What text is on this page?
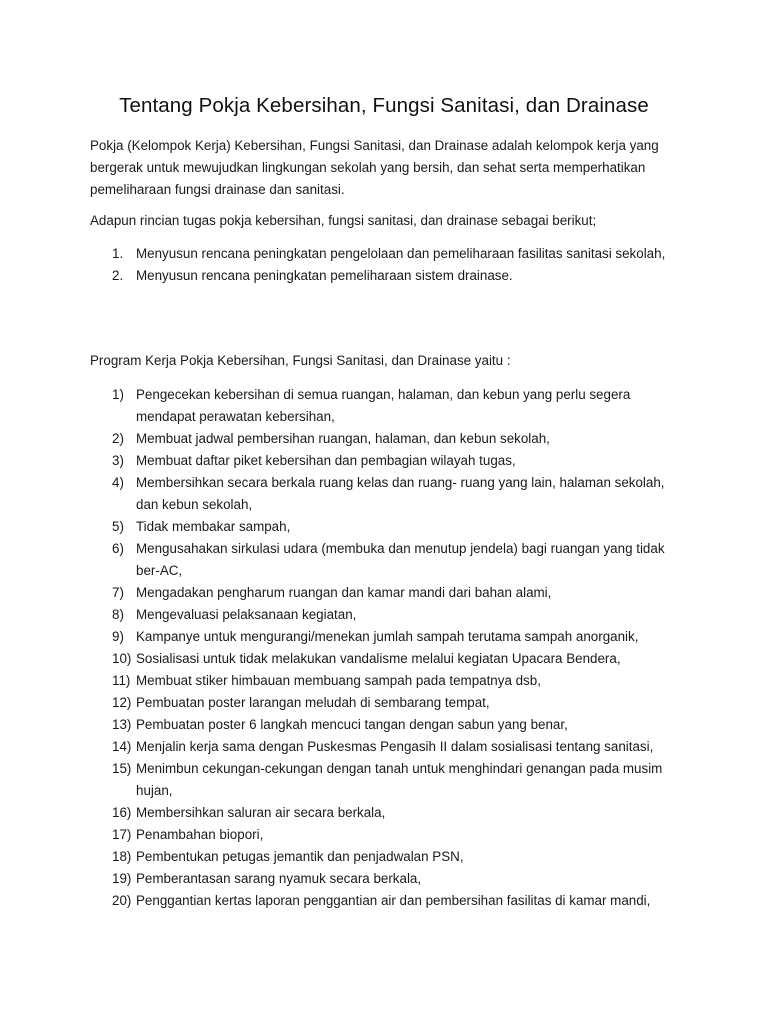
Tentang Pokja Kebersihan, Fungsi Sanitasi, dan Drainase

Pokja (Kelompok Kerja) Kebersihan, Fungsi Sanitasi, dan Drainase adalah kelompok kerja yang bergerak untuk mewujudkan lingkungan sekolah yang bersih, dan sehat serta memperhatikan pemeliharaan fungsi drainase dan sanitasi.

Adapun rincian tugas pokja kebersihan, fungsi sanitasi, dan drainase sebagai berikut;

1. Menyusun rencana peningkatan pengelolaan dan pemeliharaan fasilitas sanitasi sekolah,
2. Menyusun rencana peningkatan pemeliharaan sistem drainase.

Program Kerja Pokja Kebersihan, Fungsi Sanitasi, dan Drainase yaitu :

1) Pengecekan kebersihan di semua ruangan, halaman, dan kebun yang perlu segera mendapat perawatan kebersihan,
2) Membuat jadwal pembersihan ruangan, halaman, dan kebun sekolah,
3) Membuat daftar piket kebersihan dan pembagian wilayah tugas,
4) Membersihkan secara berkala ruang kelas dan ruang- ruang yang lain, halaman sekolah, dan kebun sekolah,
5) Tidak membakar sampah,
6) Mengusahakan sirkulasi udara (membuka dan menutup jendela) bagi ruangan yang tidak ber-AC,
7) Mengadakan pengharum ruangan dan kamar mandi dari bahan alami,
8) Mengevaluasi pelaksanaan kegiatan,
9) Kampanye untuk mengurangi/menekan jumlah sampah terutama sampah anorganik,
10) Sosialisasi untuk tidak melakukan vandalisme melalui kegiatan Upacara Bendera,
11) Membuat stiker himbauan membuang sampah pada tempatnya dsb,
12) Pembuatan poster larangan meludah di sembarang tempat,
13) Pembuatan poster 6 langkah mencuci tangan dengan sabun yang benar,
14) Menjalin kerja sama dengan Puskesmas Pengasih II dalam sosialisasi tentang sanitasi,
15) Menimbun cekungan-cekungan dengan tanah untuk menghindari genangan pada musim hujan,
16) Membersihkan saluran air secara berkala,
17) Penambahan biopori,
18) Pembentukan petugas jemantik dan penjadwalan PSN,
19) Pemberantasan sarang nyamuk secara berkala,
20) Penggantian kertas laporan penggantian air dan pembersihan fasilitas di kamar mandi,
